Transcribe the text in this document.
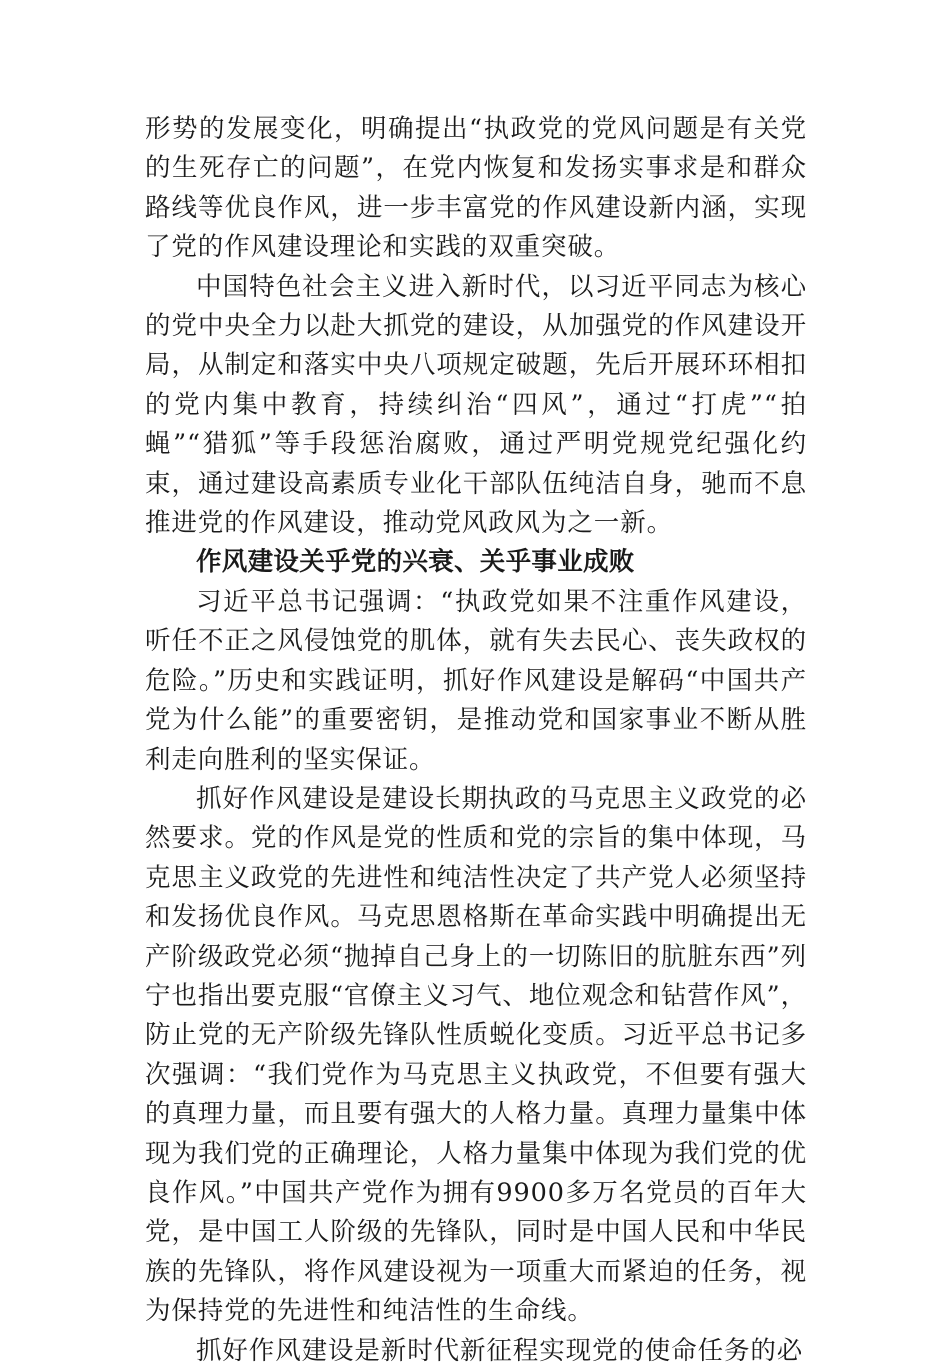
形势的发展变化，明确提出“执政党的党风问题是有关党的生死存亡的问题”，在党内恢复和发扬实事求是和群众路线等优良作风，进一步丰富党的作风建设新内涵，实现了党的作风建设理论和实践的双重突破。

中国特色社会主义进入新时代，以习近平同志为核心的党中央全力以赴大抓党的建设，从加强党的作风建设开局，从制定和落实中央八项规定破题，先后开展环环相扣的党内集中教育，持续纠治“四风”，通过“打虎”“拍蝇”“猎狐”等手段惩治腐败，通过严明党规党纪强化约束，通过建设高素质专业化干部队伍纯洁自身，驰而不息推进党的作风建设，推动党风政风为之一新。

作风建设关乎党的兴衰、关乎事业成败

习近平总书记强调：“执政党如果不注重作风建设，听任不正之风侵蚀党的肌体，就有失去民心、丧失政权的危险。”历史和实践证明，抓好作风建设是解码“中国共产党为什么能”的重要密钥，是推动党和国家事业不断从胜利走向胜利的坚实保证。

抓好作风建设是建设长期执政的马克思主义政党的必然要求。党的作风是党的性质和党的宗旨的集中体现，马克思主义政党的先进性和纯洁性决定了共产党人必须坚持和发扬优良作风。马克思恩格斯在革命实践中明确提出无产阶级政党必须“抛掉自己身上的一切陈旧的肮脏东西”列宁也指出要克服“官僚主义习气、地位观念和钻营作风”，防止党的无产阶级先锋队性质蜕化变质。习近平总书记多次强调：“我们党作为马克思主义执政党，不但要有强大的真理力量，而且要有强大的人格力量。真理力量集中体现为我们党的正确理论，人格力量集中体现为我们党的优良作风。”中国共产党作为拥有9900多万名党员的百年大党，是中国工人阶级的先锋队，同时是中国人民和中华民族的先锋队，将作风建设视为一项重大而紧迫的任务，视为保持党的先进性和纯洁性的生命线。

抓好作风建设是新时代新征程实现党的使命任务的必
